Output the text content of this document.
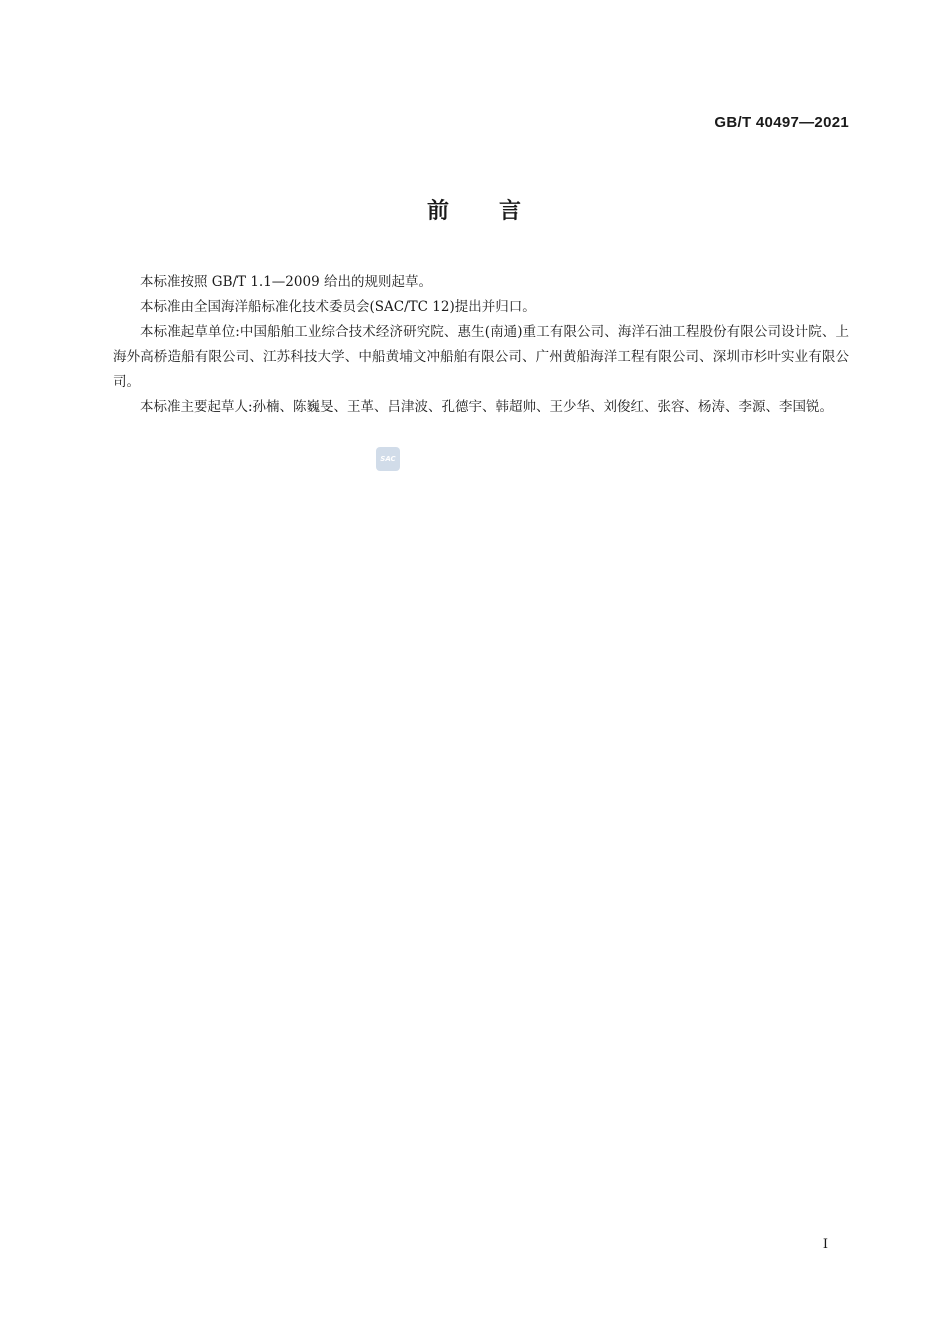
GB/T 40497—2021
前　　言

本标准按照 GB/T 1.1—2009 给出的规则起草。

本标准由全国海洋船标准化技术委员会(SAC/TC 12)提出并归口。

本标准起草单位:中国船舶工业综合技术经济研究院、惠生(南通)重工有限公司、海洋石油工程股份有限公司设计院、上海外高桥造船有限公司、江苏科技大学、中船黄埔文冲船舶有限公司、广州黄船海洋工程有限公司、深圳市杉叶实业有限公司。

本标准主要起草人:孙楠、陈巍旻、王革、吕津波、孔德宇、韩超帅、王少华、刘俊红、张容、杨涛、李源、李国锐。

SAC
I
